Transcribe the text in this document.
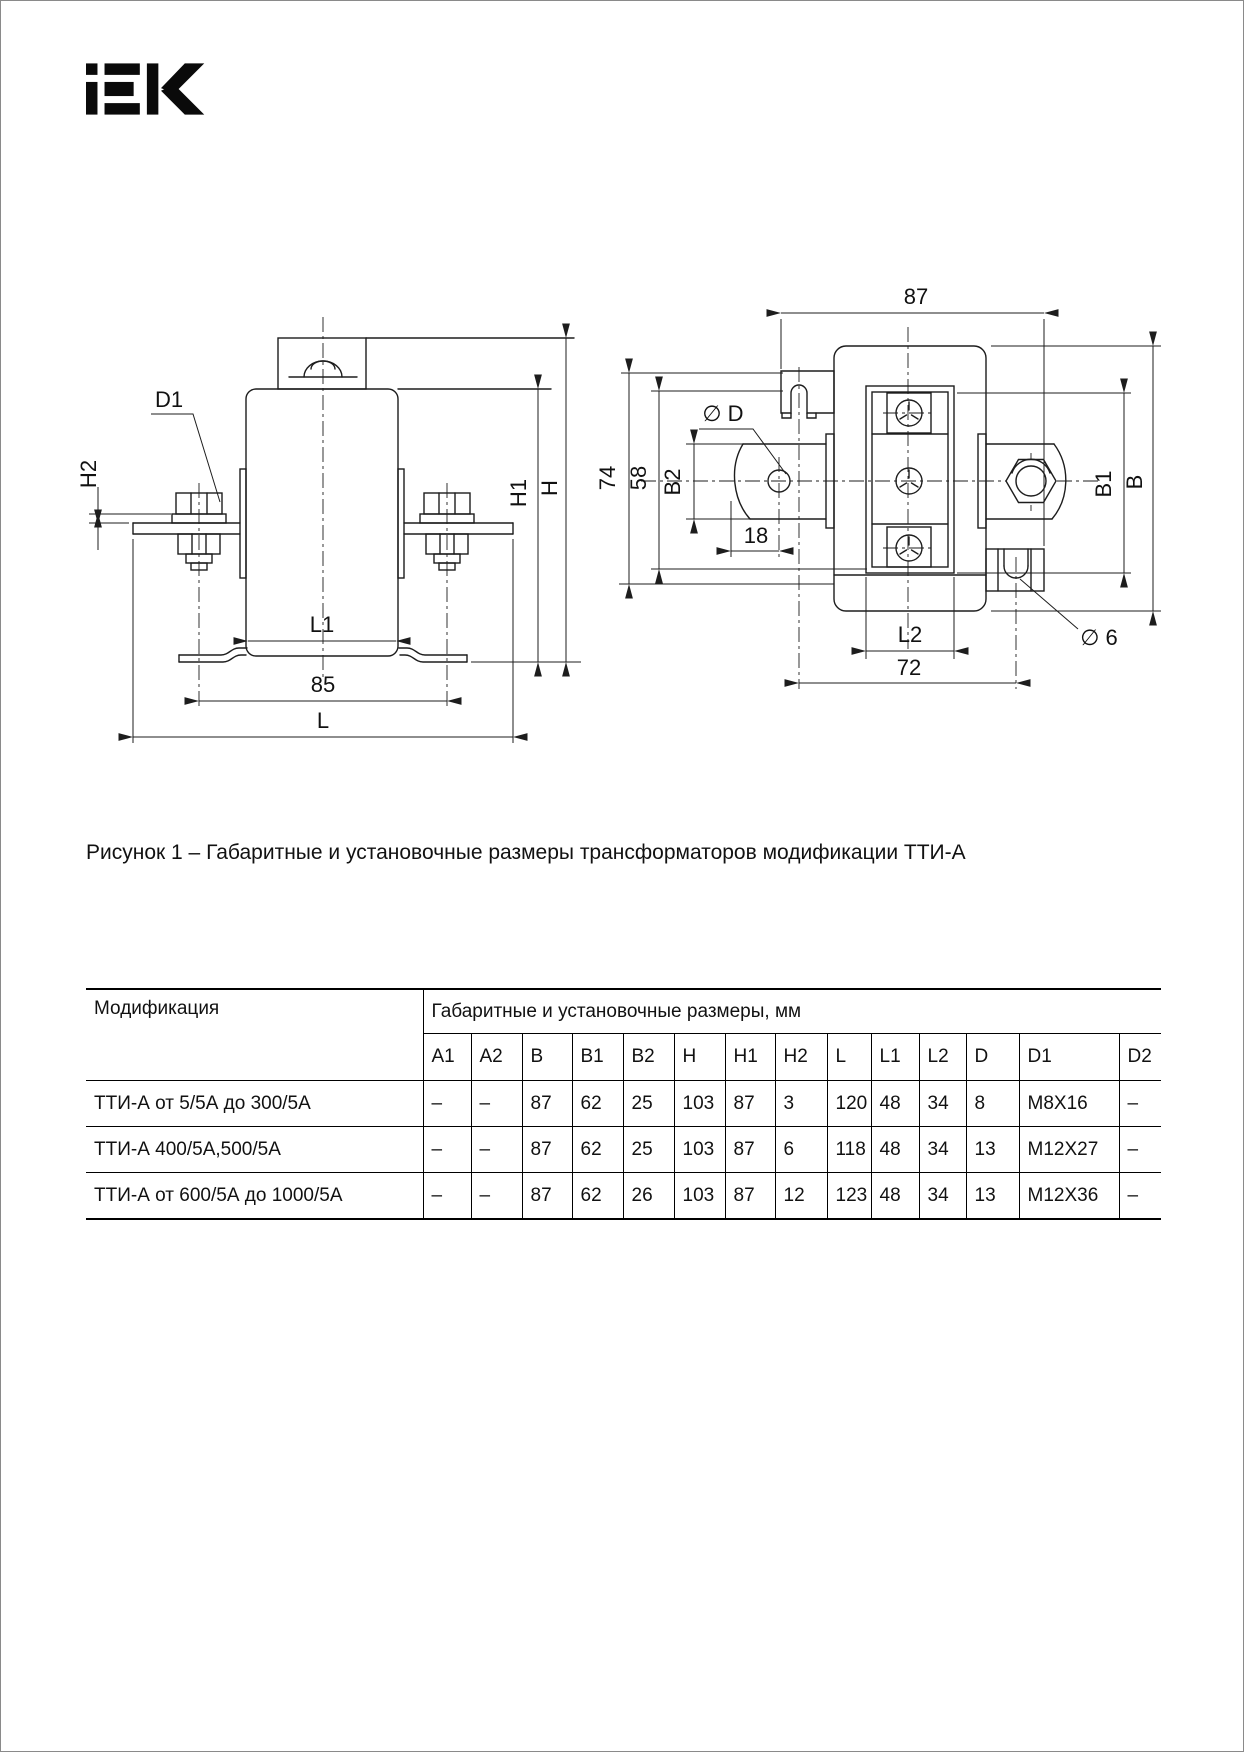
D1
H2
L1
85
L
H1 H
87
74 58 B2
∅ D
18
B1 B
L2
72
∅ 6
Рисунок 1 – Габаритные и установочные размеры трансформаторов модификации ТТИ-А
Модификация	Габаритные и установочные размеры, мм													
	A1	A2	B	B1	B2	H	H1	H2	L	L1	L2	D	D1	D2
ТТИ-А от 5/5А до 300/5А	–	–	87	62	25	103	87	3	120	48	34	8	М8Х16	–
ТТИ-А 400/5А,500/5А	–	–	87	62	25	103	87	6	118	48	34	13	М12Х27	–
ТТИ-А от 600/5А до 1000/5А	–	–	87	62	26	103	87	12	123	48	34	13	М12Х36	–
